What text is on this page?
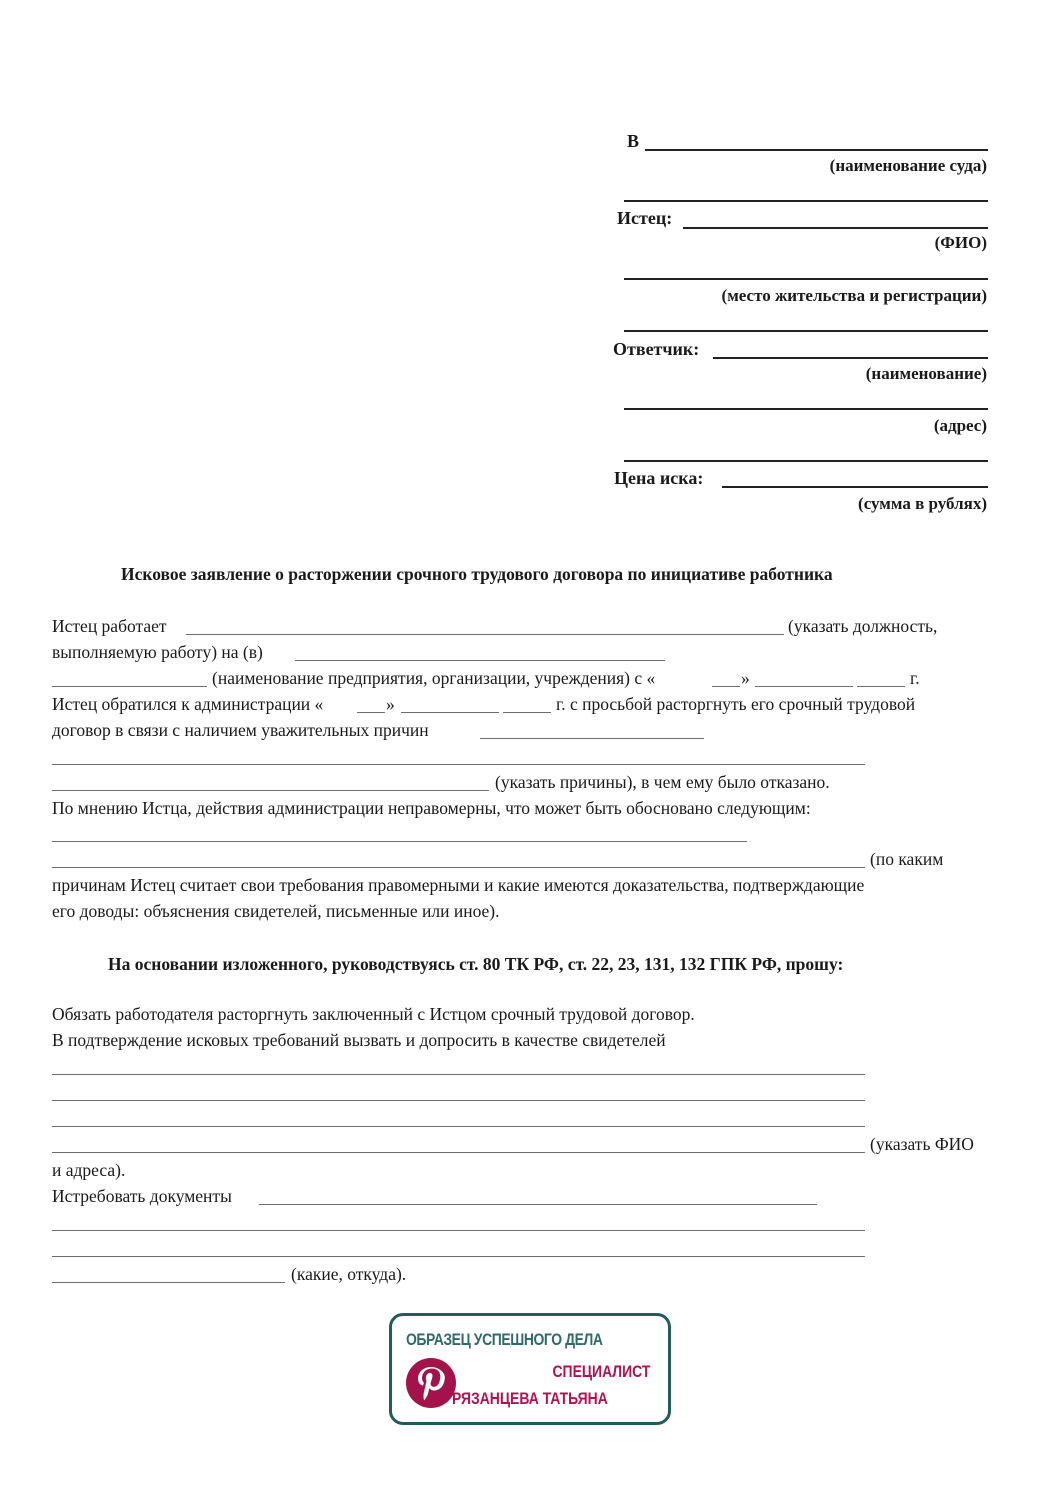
В
(наименование суда)
Истец:
(ФИО)
(место жительства и регистрации)
Ответчик:
(наименование)
(адрес)
Цена иска:
(сумма в рублях)
Исковое заявление о расторжении срочного трудового договора по инициативе работника
Истец работает	(указать должность,
выполняемую работу) на (в)
(наименование предприятия, организации, учреждения) с «	»	г.
Истец обратился к администрации «	»	г. с просьбой расторгнуть его срочный трудовой
договор в связи с наличием уважительных причин
(указать причины), в чем ему было отказано.
По мнению Истца, действия администрации неправомерны, что может быть обосновано следующим:
(по каким
причинам Истец считает свои требования правомерными и какие имеются доказательства, подтверждающие
его доводы: объяснения свидетелей, письменные или иное).
На основании изложенного, руководствуясь ст. 80 ТК РФ, ст. 22, 23, 131, 132 ГПК РФ, прошу:
Обязать работодателя расторгнуть заключенный с Истцом срочный трудовой договор.
В подтверждение исковых требований вызвать и допросить в качестве свидетелей
(указать ФИО
и адреса).
Истребовать документы
(какие, откуда).
ОБРАЗЕЦ УСПЕШНОГО ДЕЛА
СПЕЦИАЛИСТ
РЯЗАНЦЕВА ТАТЬЯНА
